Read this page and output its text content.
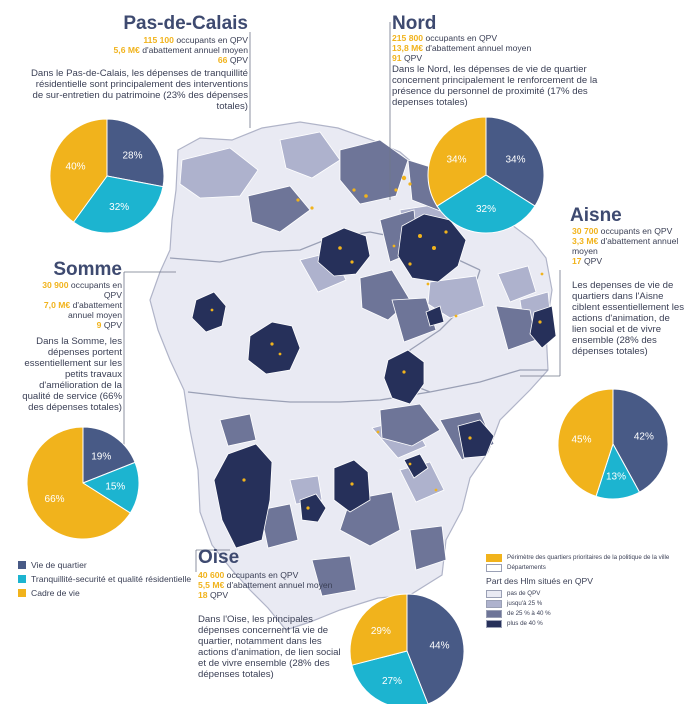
Pas-de-Calais
115 100 occupants en QPV
5,6 M€ d'abattement annuel moyen
66 QPV
Dans le Pas-de-Calais, les dépenses de tranquillité résidentielle sont principalement des interventions de sur-entretien du patrimoine (23% des dépenses totales)
Nord
215 800 occupants en QPV
13,8 M€ d'abattement annuel moyen
91 QPV
Dans le Nord, les dépenses de vie de quartier concernent principalement le renforcement de la présence du personnel de proximité (17% des depenses totales)
Aisne
30 700 occupants en QPV
3,3 M€ d'abattement annuel moyen
17 QPV
Les depenses de vie de quartiers dans l'Aisne ciblent essentiellement les actions d'animation, de lien social et de vivre ensemble (28% des dépenses totales)
Somme
30 900 occupants en QPV
7,0 M€ d'abattement annuel moyen
9 QPV
Dans la Somme, les dépenses portent essentiellement sur les petits travaux d'amélioration de la qualité de service (66% des dépenses totales)
Oise
40 600 occupants en QPV
5,5 M€ d'abattement annuel moyen
18 QPV
Dans l'Oise, les principales dépenses concernent la vie de quartier, notamment dans les actions d'animation, de lien social et de vivre ensemble (28% des dépenses totales)
28%
32%
40%
34%
32%
34%
19%
15%
66%
42%
13%
45%
44%
27%
29%
Vie de quartier
Tranquillité-securité et qualité résidentielle
Cadre de vie
Périmètre des quartiers prioritaires de la politique de la ville
Départements
Part des Hlm situés en QPV
pas de QPV
jusqu'à 25 %
de 25 % à 40 %
plus de 40 %
